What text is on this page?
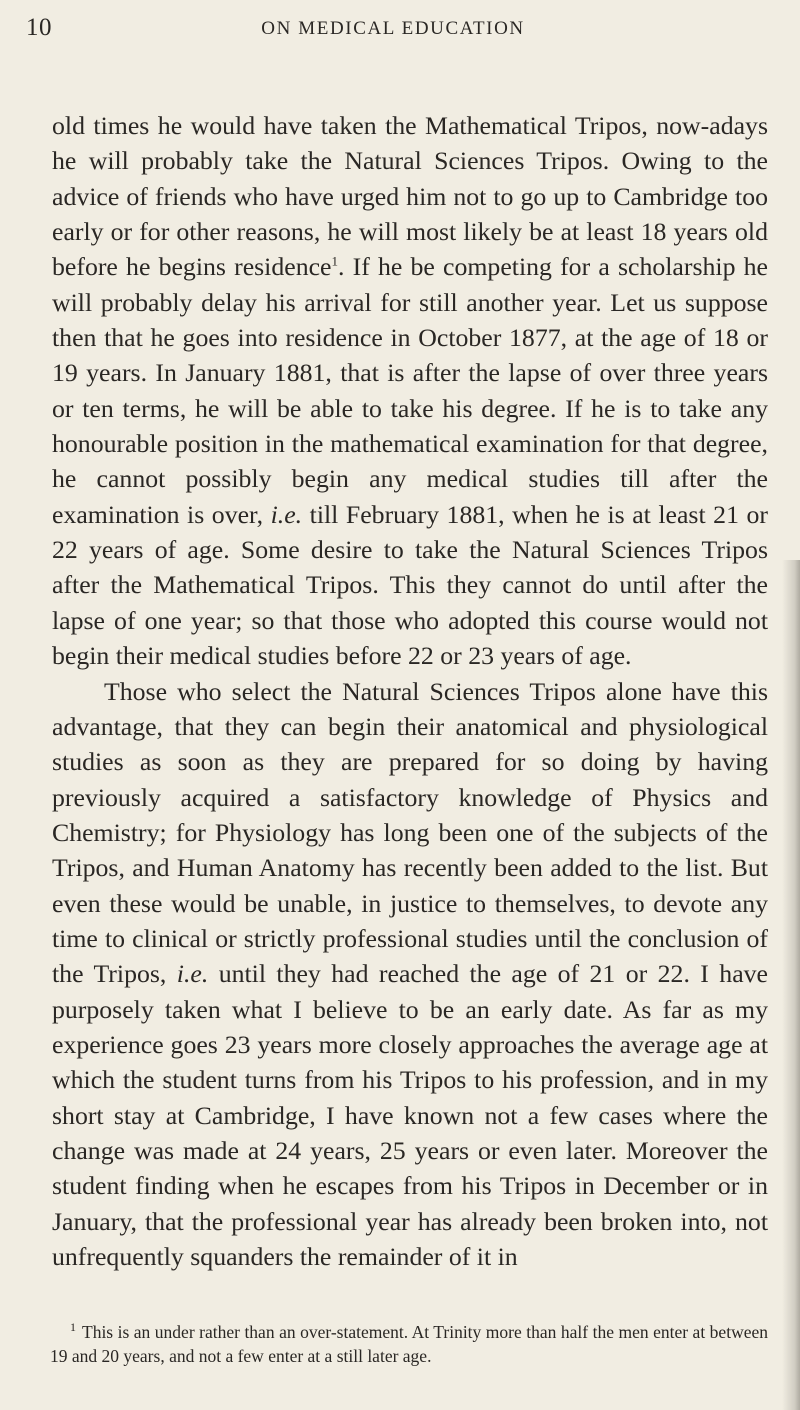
10	ON MEDICAL EDUCATION

old times he would have taken the Mathematical Tripos, now-adays he will probably take the Natural Sciences Tripos. Owing to the advice of friends who have urged him not to go up to Cambridge too early or for other reasons, he will most likely be at least 18 years old before he begins residence$^1$. If he be competing for a scholarship he will probably delay his arrival for still another year. Let us suppose then that he goes into residence in October 1877, at the age of 18 or 19 years. In January 1881, that is after the lapse of over three years or ten terms, he will be able to take his degree. If he is to take any honourable position in the mathematical examination for that degree, he cannot possibly begin any medical studies till after the examination is over, i.e. till February 1881, when he is at least 21 or 22 years of age. Some desire to take the Natural Sciences Tripos after the Mathematical Tripos. This they cannot do until after the lapse of one year; so that those who adopted this course would not begin their medical studies before 22 or 23 years of age.

Those who select the Natural Sciences Tripos alone have this advantage, that they can begin their anatomical and physiological studies as soon as they are prepared for so doing by having previously acquired a satisfactory knowledge of Physics and Chemistry; for Physiology has long been one of the subjects of the Tripos, and Human Anatomy has recently been added to the list. But even these would be unable, in justice to themselves, to devote any time to clinical or strictly professional studies until the conclusion of the Tripos, i.e. until they had reached the age of 21 or 22. I have purposely taken what I believe to be an early date. As far as my experience goes 23 years more closely approaches the average age at which the student turns from his Tripos to his profession, and in my short stay at Cambridge, I have known not a few cases where the change was made at 24 years, 25 years or even later. Moreover the student finding when he escapes from his Tripos in December or in January, that the professional year has already been broken into, not unfrequently squanders the remainder of it in

1 This is an under rather than an over-statement. At Trinity more than half the men enter at between 19 and 20 years, and not a few enter at a still later age.
